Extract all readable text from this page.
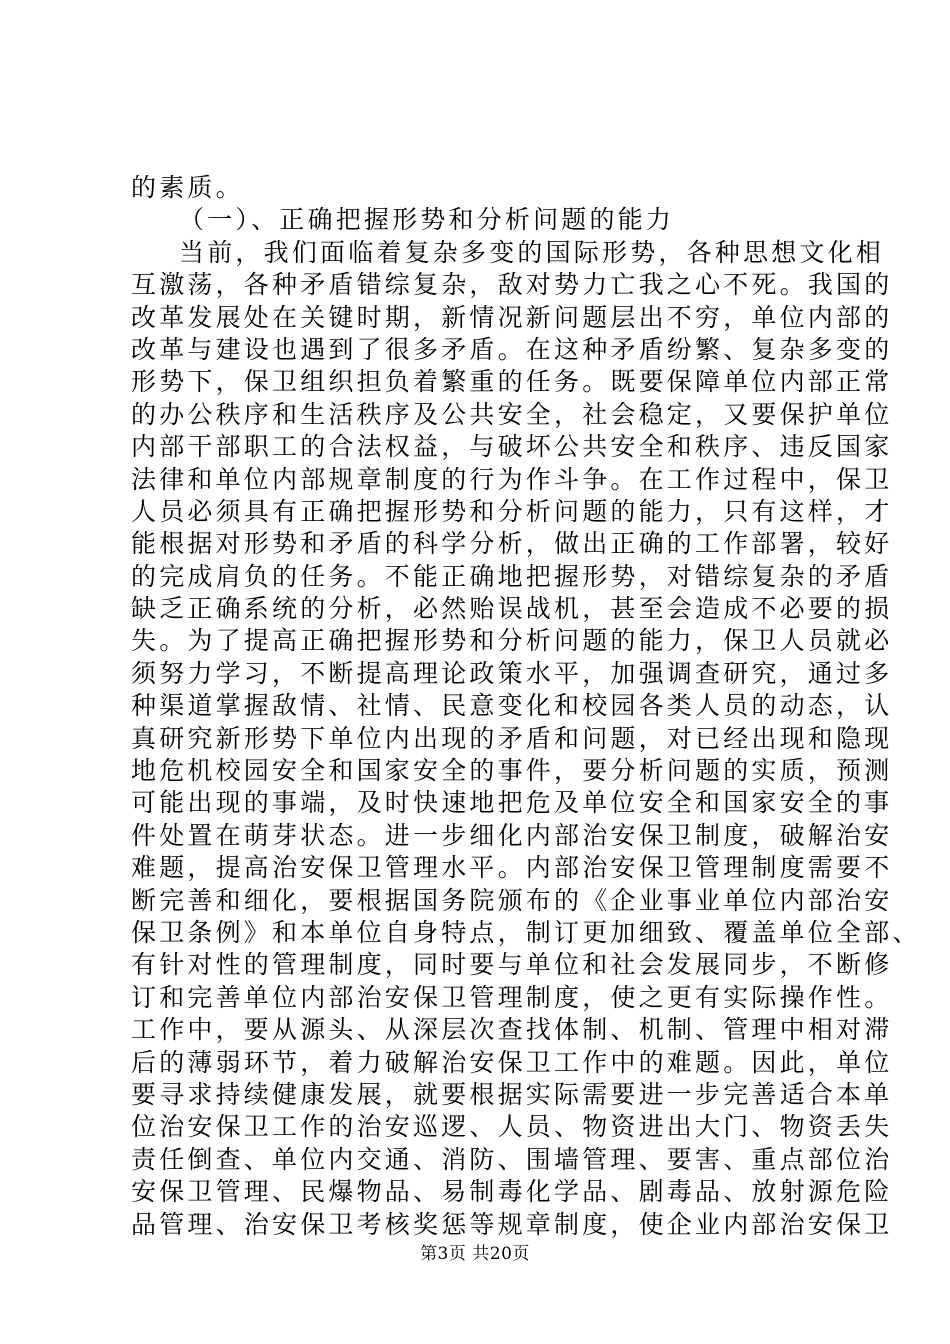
的素质。
（一）、正确把握形势和分析问题的能力
当前，我们面临着复杂多变的国际形势，各种思想文化相
互激荡，各种矛盾错综复杂，敌对势力亡我之心不死。我国的
改革发展处在关键时期，新情况新问题层出不穷，单位内部的
改革与建设也遇到了很多矛盾。在这种矛盾纷繁、复杂多变的
形势下，保卫组织担负着繁重的任务。既要保障单位内部正常
的办公秩序和生活秩序及公共安全，社会稳定，又要保护单位
内部干部职工的合法权益，与破坏公共安全和秩序、违反国家
法律和单位内部规章制度的行为作斗争。在工作过程中，保卫
人员必须具有正确把握形势和分析问题的能力，只有这样，才
能根据对形势和矛盾的科学分析，做出正确的工作部署，较好
的完成肩负的任务。不能正确地把握形势，对错综复杂的矛盾
缺乏正确系统的分析，必然贻误战机，甚至会造成不必要的损
失。为了提高正确把握形势和分析问题的能力，保卫人员就必
须努力学习，不断提高理论政策水平，加强调查研究，通过多
种渠道掌握敌情、社情、民意变化和校园各类人员的动态，认
真研究新形势下单位内出现的矛盾和问题，对已经出现和隐现
地危机校园安全和国家安全的事件，要分析问题的实质，预测
可能出现的事端，及时快速地把危及单位安全和国家安全的事
件处置在萌芽状态。进一步细化内部治安保卫制度，破解治安
难题，提高治安保卫管理水平。内部治安保卫管理制度需要不
断完善和细化，要根据国务院颁布的《企业事业单位内部治安
保卫条例》和本单位自身特点，制订更加细致、覆盖单位全部、
有针对性的管理制度，同时要与单位和社会发展同步，不断修
订和完善单位内部治安保卫管理制度，使之更有实际操作性。
工作中，要从源头、从深层次查找体制、机制、管理中相对滞
后的薄弱环节，着力破解治安保卫工作中的难题。因此，单位
要寻求持续健康发展，就要根据实际需要进一步完善适合本单
位治安保卫工作的治安巡逻、人员、物资进出大门、物资丢失
责任倒查、单位内交通、消防、围墙管理、要害、重点部位治
安保卫管理、民爆物品、易制毒化学品、剧毒品、放射源危险
品管理、治安保卫考核奖惩等规章制度，使企业内部治安保卫
第3页 共20页
